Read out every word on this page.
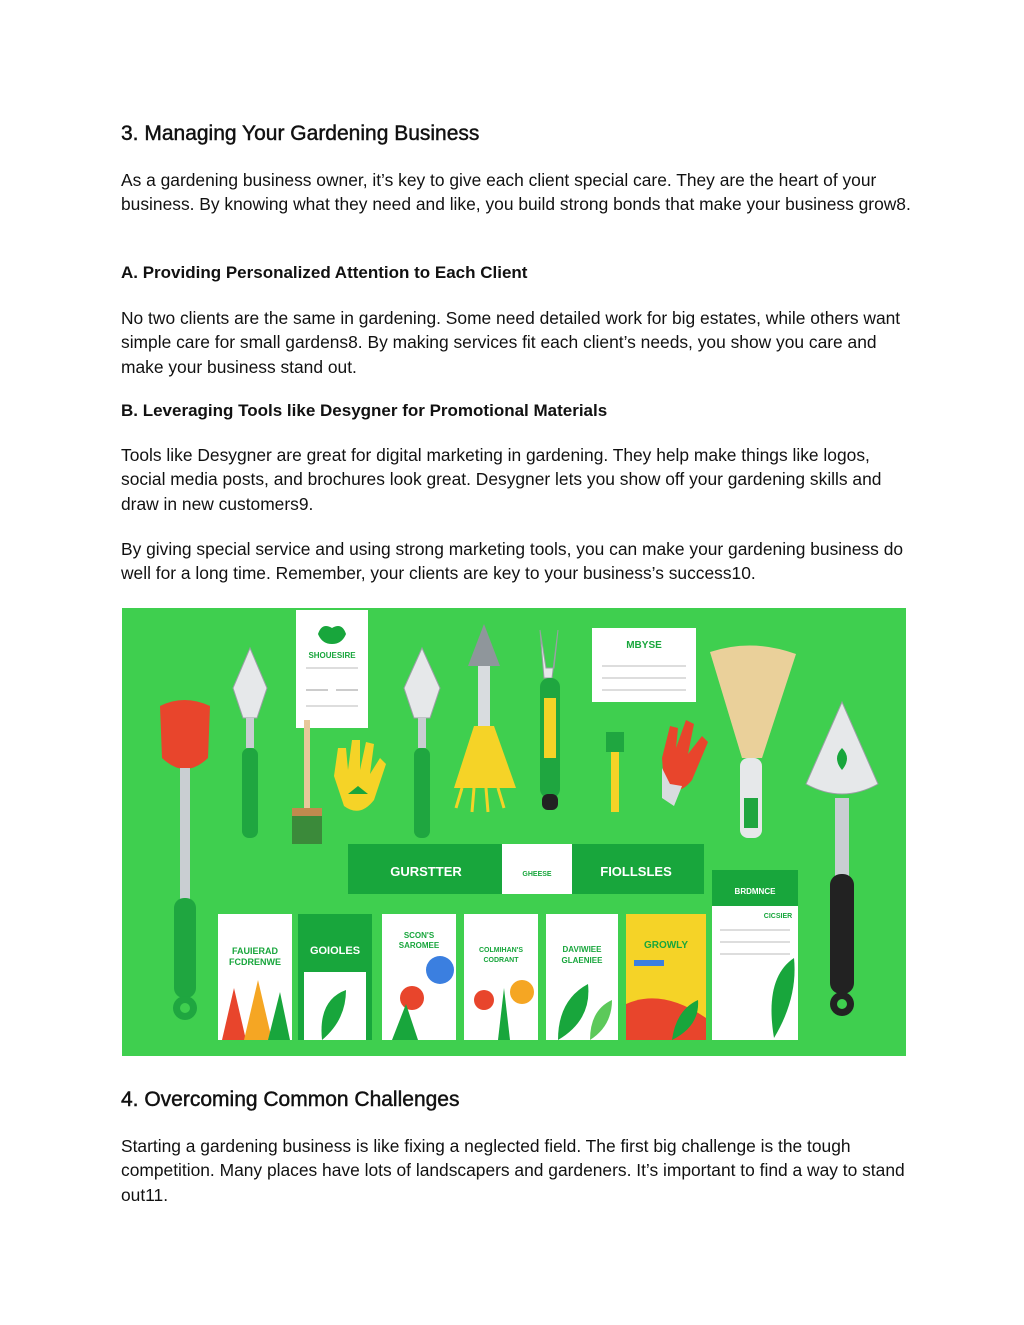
3. Managing Your Gardening Business

As a gardening business owner, it’s key to give each client special care. They are the heart of your business. By knowing what they need and like, you build strong bonds that make your business grow8.

A. Providing Personalized Attention to Each Client

No two clients are the same in gardening. Some need detailed work for big estates, while others want simple care for small gardens8. By making services fit each client’s needs, you show you care and make your business stand out.

B. Leveraging Tools like Desygner for Promotional Materials

Tools like Desygner are great for digital marketing in gardening. They help make things like logos, social media posts, and brochures look great. Desygner lets you show off your gardening skills and draw in new customers9.

By giving special service and using strong marketing tools, you can make your gardening business do well for a long time. Remember, your clients are key to your business’s success10.

4. Overcoming Common Challenges

Starting a gardening business is like fixing a neglected field. The first big challenge is the tough competition. Many places have lots of landscapers and gardeners. It’s important to find a way to stand out11.

SHOUESIRE
MBYSE
GURSTTER	GHEESE	FIOLLSLES
BRDMNCE
CICSIER
FAUIERAD
FCDRENWE
GOIOLES
SCON'S
SAROMEE
COLMIHAN'S
CODRANT
DAVIWIEE
GLAENIEE
GROWLY
